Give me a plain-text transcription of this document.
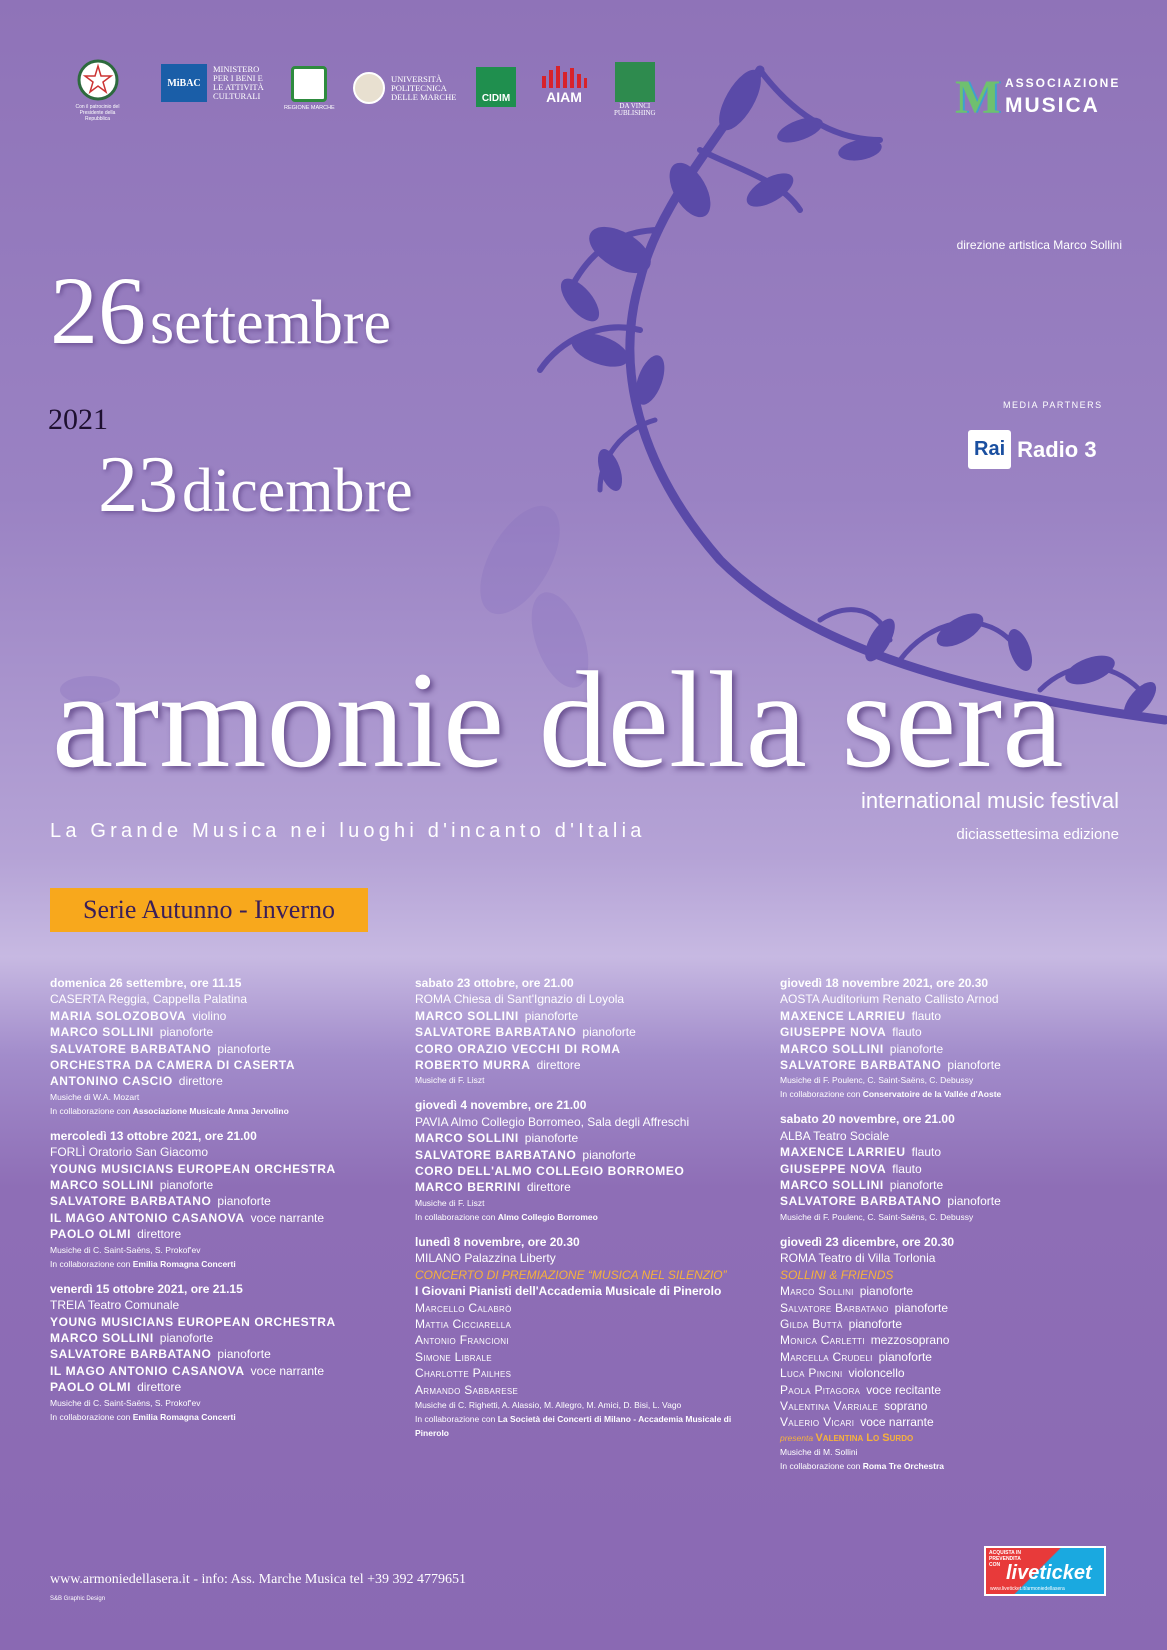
Con il patrocinio del Presidente della Repubblica
MiBAC
MINISTERO
PER I BENI E
LE ATTIVITÀ
CULTURALI
REGIONE MARCHE
UNIVERSITÀ
POLITECNICA
DELLE MARCHE	CIDIM	AIAM
DA VINCI
PUBLISHING	M ASSOCIAZIONE
MUSICA
direzione artistica Marco Sollini
MEDIA PARTNERS
Rai Radio 3
26 settembre
2021
23 dicembre
armonie della sera
international music festival
La Grande Musica nei luoghi d'incanto d'Italia	diciassettesima edizione
Serie Autunno - Inverno
domenica 26 settembre, ore 11.15
CASERTA Reggia, Cappella Palatina
MARIA SOLOZOBOVA violino
MARCO SOLLINI pianoforte
SALVATORE BARBATANO pianoforte
ORCHESTRA DA CAMERA DI CASERTA
ANTONINO CASCIO direttore
Musiche di W.A. Mozart
In collaborazione con Associazione Musicale Anna Jervolino
mercoledì 13 ottobre 2021, ore 21.00
FORLÌ Oratorio San Giacomo
YOUNG MUSICIANS EUROPEAN ORCHESTRA
MARCO SOLLINI pianoforte
SALVATORE BARBATANO pianoforte
IL MAGO ANTONIO CASANOVA voce narrante
PAOLO OLMI direttore
Musiche di C. Saint-Saëns, S. Prokof'ev
In collaborazione con Emilia Romagna Concerti
venerdì 15 ottobre 2021, ore 21.15
TREIA Teatro Comunale
YOUNG MUSICIANS EUROPEAN ORCHESTRA
MARCO SOLLINI pianoforte
SALVATORE BARBATANO pianoforte
IL MAGO ANTONIO CASANOVA voce narrante
PAOLO OLMI direttore
Musiche di C. Saint-Saëns, S. Prokof'ev
In collaborazione con Emilia Romagna Concerti
sabato 23 ottobre, ore 21.00
ROMA Chiesa di Sant'Ignazio di Loyola
MARCO SOLLINI pianoforte
SALVATORE BARBATANO pianoforte
CORO ORAZIO VECCHI DI ROMA
ROBERTO MURRA direttore
Musiche di F. Liszt
giovedì 4 novembre, ore 21.00
PAVIA Almo Collegio Borromeo, Sala degli Affreschi
MARCO SOLLINI pianoforte
SALVATORE BARBATANO pianoforte
CORO DELL'ALMO COLLEGIO BORROMEO
MARCO BERRINI direttore
Musiche di F. Liszt
In collaborazione con Almo Collegio Borromeo
lunedì 8 novembre, ore 20.30
MILANO Palazzina Liberty
CONCERTO DI PREMIAZIONE “MUSICA NEL SILENZIO”
I Giovani Pianisti dell'Accademia Musicale di Pinerolo
Marcello Calabrò
Mattia Cicciarella
Antonio Francioni
Simone Librale
Charlotte Pailhes
Armando Sabbarese
Musiche di C. Righetti, A. Alassio, M. Allegro, M. Amici, D. Bisi, L. Vago
In collaborazione con La Società dei Concerti di Milano - Accademia Musicale di Pinerolo
giovedì 18 novembre 2021, ore 20.30
AOSTA Auditorium Renato Callisto Arnod
MAXENCE LARRIEU flauto
GIUSEPPE NOVA flauto
MARCO SOLLINI pianoforte
SALVATORE BARBATANO pianoforte
Musiche di F. Poulenc, C. Saint-Saëns, C. Debussy
In collaborazione con Conservatoire de la Vallée d'Aoste
sabato 20 novembre, ore 21.00
ALBA Teatro Sociale
MAXENCE LARRIEU flauto
GIUSEPPE NOVA flauto
MARCO SOLLINI pianoforte
SALVATORE BARBATANO pianoforte
Musiche di F. Poulenc, C. Saint-Saëns, C. Debussy
giovedì 23 dicembre, ore 20.30
ROMA Teatro di Villa Torlonia
SOLLINI & FRIENDS
Marco Sollini pianoforte
Salvatore Barbatano pianoforte
Gilda Buttà pianoforte
Monica Carletti mezzosoprano
Marcella Crudeli pianoforte
Luca Pincini violoncello
Paola Pitagora voce recitante
Valentina Varriale soprano
Valerio Vicari voce narrante
presenta Valentina Lo Surdo
Musiche di M. Sollini
In collaborazione con Roma Tre Orchestra
www.armoniedellasera.it - info: Ass. Marche Musica tel +39 392 4779651
S&B Graphic Design
ACQUISTA IN PREVENDITA CON liveticket
www.liveticket.it/armoniedellasera
